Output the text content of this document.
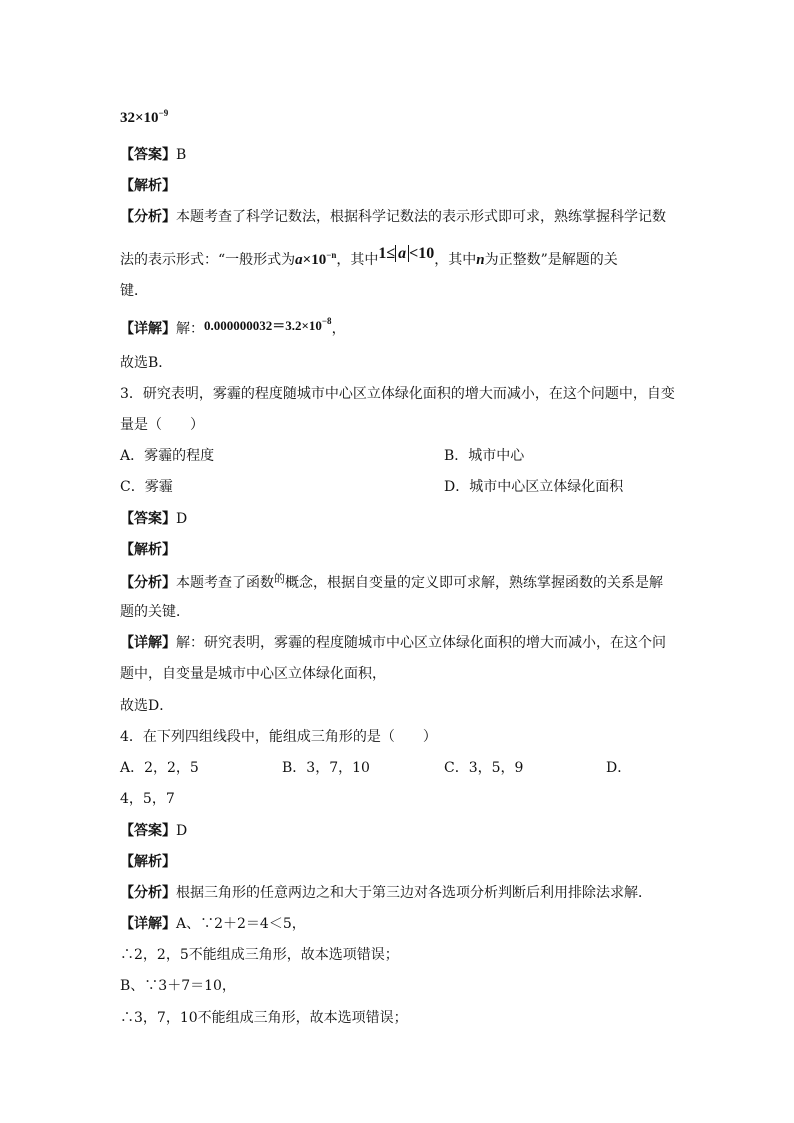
$32\times 10^{-9}$
【答案】B
【解析】
【分析】本题考查了科学记数法，根据科学记数法的表示形式即可求，熟练掌握科学记数
法的表示形式：“一般形式为$a\times 10^{-n}$，其中1≤ a <10，其中n为正整数”是解题的关
键．
【详解】解：$0.000000032=3.2\times 10^{-8}$，
故选B．
3．研究表明，雾霾的程度随城市中心区立体绿化面积的增大而减小，在这个问题中，自变
量是（　　）
A．雾霾的程度	B．城市中心
C．雾霾	D．城市中心区立体绿化面积
【答案】D
【解析】
【分析】本题考查了函数$^的$概念，根据自变量的定义即可求解，熟练掌握函数的关系是解
题的关键．
【详解】解：研究表明，雾霾的程度随城市中心区立体绿化面积的增大而减小，在这个问
题中，自变量是城市中心区立体绿化面积，
故选D．
4．在下列四组线段中，能组成三角形的是（　　）
A．2，2，5	B．3，7，10	C．3，5，9	D．
4，5，7
【答案】D
【解析】
【分析】根据三角形的任意两边之和大于第三边对各选项分析判断后利用排除法求解．
【详解】A、∵2＋2＝4＜5，
∴2，2，5不能组成三角形，故本选项错误；
B、∵3＋7＝10，
∴3，7，10不能组成三角形，故本选项错误；
